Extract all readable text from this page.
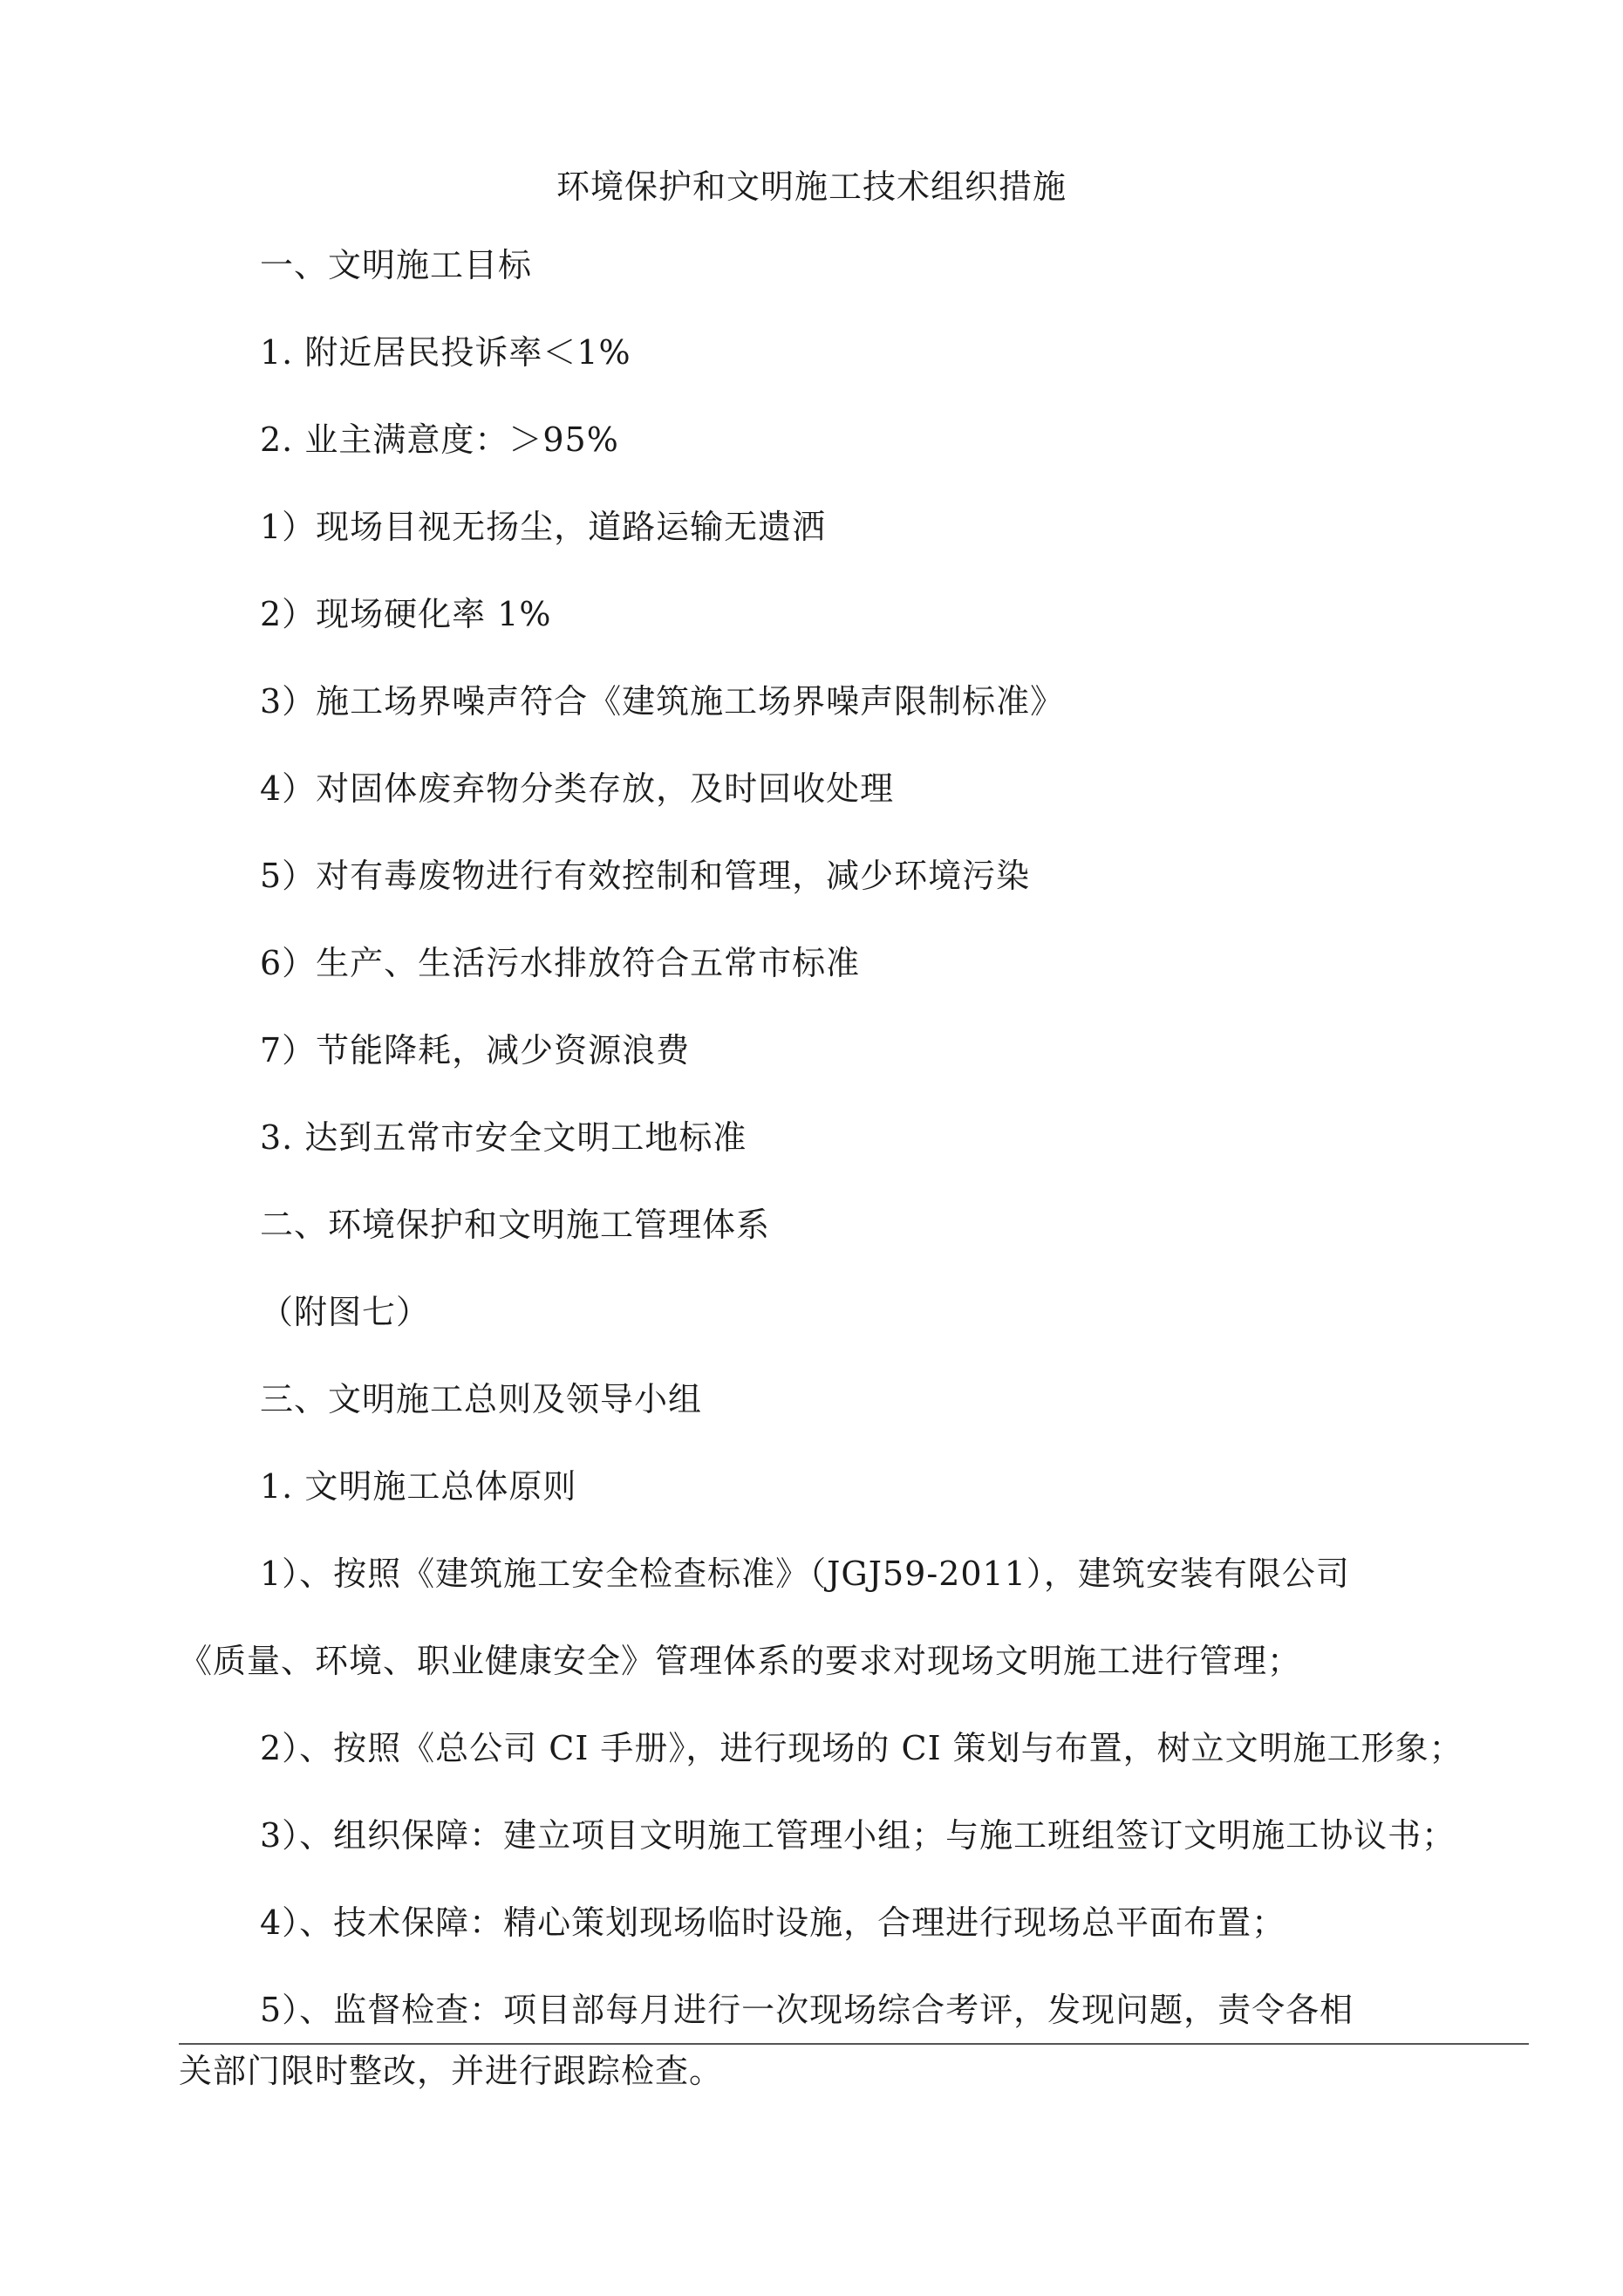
环境保护和文明施工技术组织措施
一、文明施工目标
1. 附近居民投诉率＜1%
2. 业主满意度：＞95%
1）现场目视无扬尘，道路运输无遗洒
2）现场硬化率 1%
3）施工场界噪声符合《建筑施工场界噪声限制标准》
4）对固体废弃物分类存放，及时回收处理
5）对有毒废物进行有效控制和管理，减少环境污染
6）生产、生活污水排放符合五常市标准
7）节能降耗，减少资源浪费
3. 达到五常市安全文明工地标准
二、环境保护和文明施工管理体系
（附图七）
三、文明施工总则及领导小组
1. 文明施工总体原则
1）、按照《建筑施工安全检查标准》（JGJ59-2011），建筑安装有限公司
《质量、环境、职业健康安全》管理体系的要求对现场文明施工进行管理；
2）、按照《总公司 CI 手册》，进行现场的 CI 策划与布置，树立文明施工形象；
3）、组织保障：建立项目文明施工管理小组；与施工班组签订文明施工协议书；
4）、技术保障：精心策划现场临时设施，合理进行现场总平面布置；
5）、监督检查：项目部每月进行一次现场综合考评，发现问题，责令各相
关部门限时整改，并进行跟踪检查。
